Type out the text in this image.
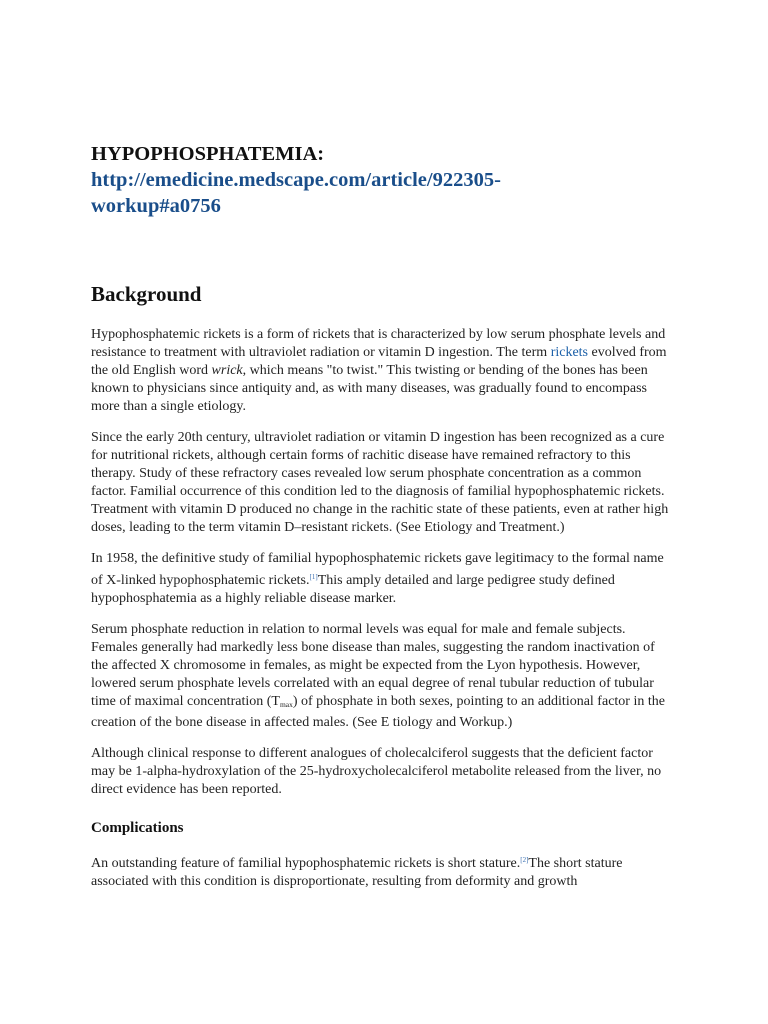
HYPOPHOSPHATEMIA:
http://emedicine.medscape.com/article/922305-
workup#a0756
Background

Hypophosphatemic rickets is a form of rickets that is characterized by low serum phosphate levels and resistance to treatment with ultraviolet radiation or vitamin D ingestion. The term rickets evolved from the old English word wrick, which means "to twist." This twisting or bending of the bones has been known to physicians since antiquity and, as with many diseases, was gradually found to encompass more than a single etiology.

Since the early 20th century, ultraviolet radiation or vitamin D ingestion has been recognized as a cure for nutritional rickets, although certain forms of rachitic disease have remained refractory to this therapy. Study of these refractory cases revealed low serum phosphate concentration as a common factor. Familial occurrence of this condition led to the diagnosis of familial hypophosphatemic rickets. Treatment with vitamin D produced no change in the rachitic state of these patients, even at rather high doses, leading to the term vitamin D–resistant rickets. (See Etiology and Treatment.)

In 1958, the definitive study of familial hypophosphatemic rickets gave legitimacy to the formal name of X-linked hypophosphatemic rickets.[1]This amply detailed and large pedigree study defined hypophosphatemia as a highly reliable disease marker.

Serum phosphate reduction in relation to normal levels was equal for male and female subjects. Females generally had markedly less bone disease than males, suggesting the random inactivation of the affected X chromosome in females, as might be expected from the Lyon hypothesis. However, lowered serum phosphate levels correlated with an equal degree of renal tubular reduction of tubular time of maximal concentration $(T_{max})$ of phosphate in both sexes, pointing to an additional factor in the creation of the bone disease in affected males. (See E tiology and Workup.)

Although clinical response to different analogues of cholecalciferol suggests that the deficient factor may be 1-alpha-hydroxylation of the 25-hydroxycholecalciferol metabolite released from the liver, no direct evidence has been reported.

Complications

An outstanding feature of familial hypophosphatemic rickets is short stature.[2]The short stature associated with this condition is disproportionate, resulting from deformity and growth
